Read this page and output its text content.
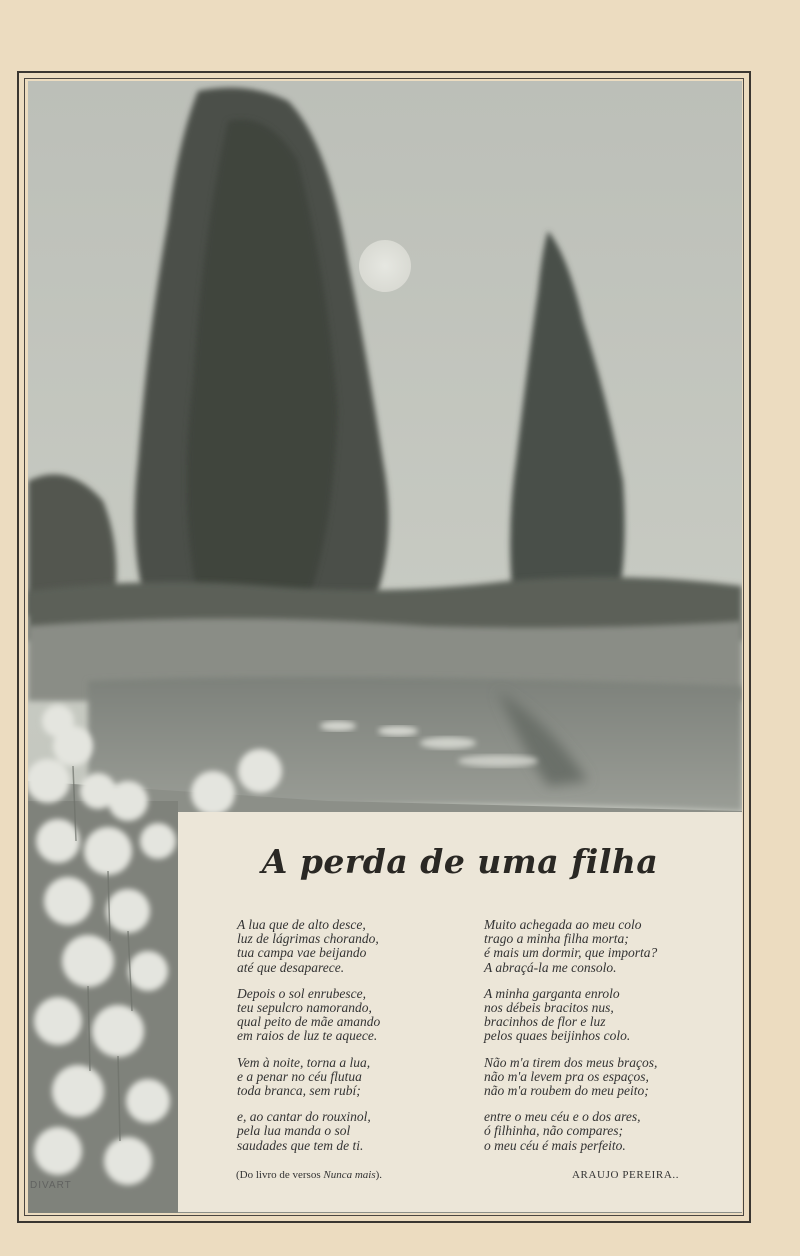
A perda de uma filha
A lua que de alto desce,
luz de lágrimas chorando,
tua campa vae beijando
até que desaparece.
Depois o sol enrubesce,
teu sepulcro namorando,
qual peito de mãe amando
em raios de luz te aquece.
Vem à noite, torna a lua,
e a penar no céu flutua
toda branca, sem rubí;
e, ao cantar do rouxinol,
pela lua manda o sol
saudades que tem de ti.
Muito achegada ao meu colo
trago a minha filha morta;
é mais um dormir, que importa?
A abraçá-la me consolo.
A minha garganta enrolo
nos débeis bracitos nus,
bracinhos de flor e luz
pelos quaes beijinhos colo.
Não m'a tirem dos meus braços,
não m'a levem pra os espaços,
não m'a roubem do meu peito;
entre o meu céu e o dos ares,
ó filhinha, não compares;
o meu céu é mais perfeito.
(Do livro de versos Nunca mais).	ARAUJO PEREIRA..
DIVART
